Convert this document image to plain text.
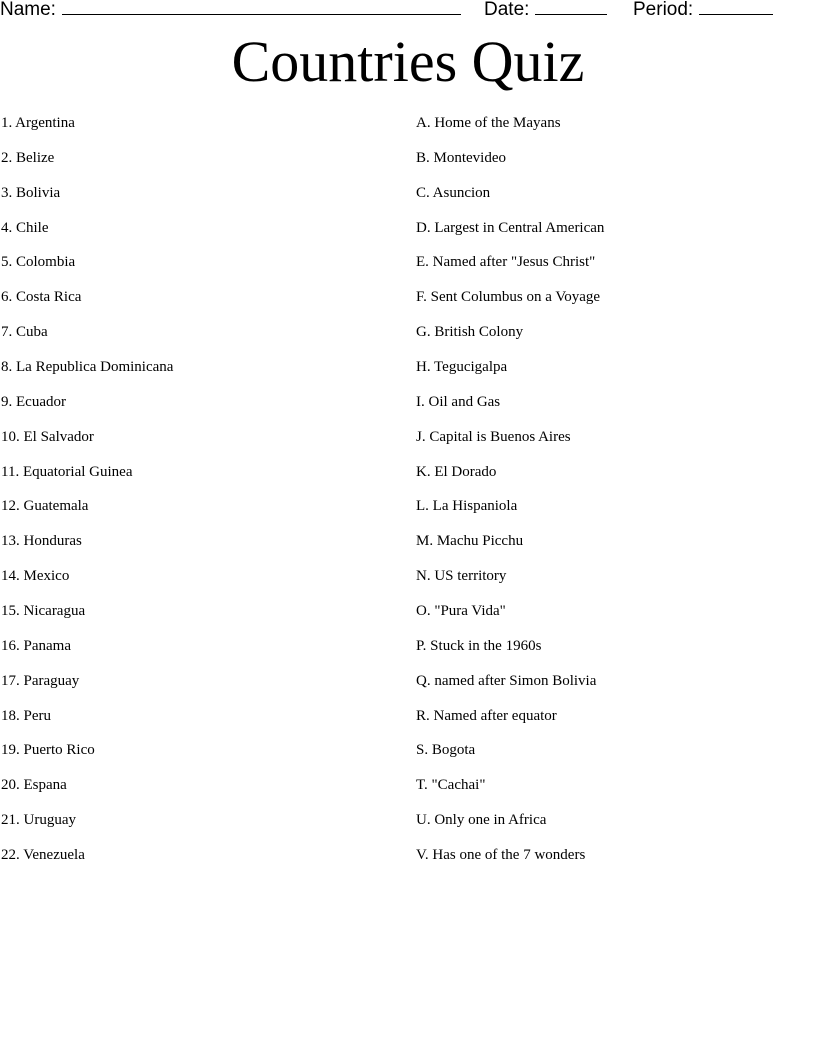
Name:	Date:	Period:
Countries Quiz
1. Argentina
2. Belize
3. Bolivia
4. Chile
5. Colombia
6. Costa Rica
7. Cuba
8. La Republica Dominicana
9. Ecuador
10. El Salvador
11. Equatorial Guinea
12. Guatemala
13. Honduras
14. Mexico
15. Nicaragua
16. Panama
17. Paraguay
18. Peru
19. Puerto Rico
20. Espana
21. Uruguay
22. Venezuela
A. Home of the Mayans
B. Montevideo
C. Asuncion
D. Largest in Central American
E. Named after "Jesus Christ"
F. Sent Columbus on a Voyage
G. British Colony
H. Tegucigalpa
I. Oil and Gas
J. Capital is Buenos Aires
K. El Dorado
L. La Hispaniola
M. Machu Picchu
N. US territory
O. "Pura Vida"
P. Stuck in the 1960s
Q. named after Simon Bolivia
R. Named after equator
S. Bogota
T. "Cachai"
U. Only one in Africa
V. Has one of the 7 wonders
